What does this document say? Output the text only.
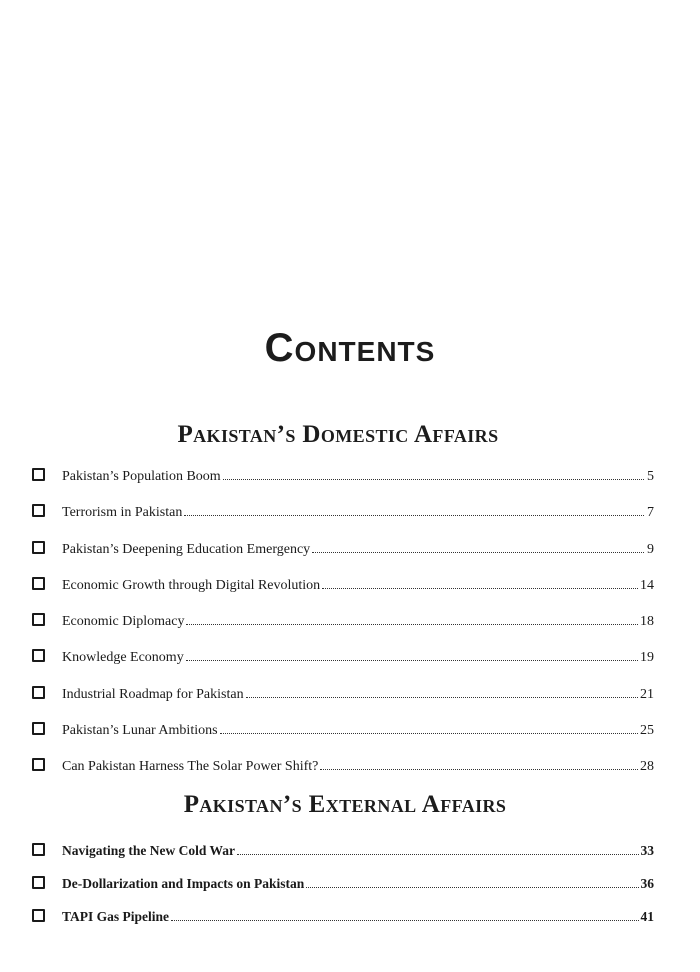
Contents
Pakistan’s Domestic Affairs
Pakistan’s Population Boom	5
Terrorism in Pakistan	7
Pakistan’s Deepening Education Emergency	9
Economic Growth through Digital Revolution	14
Economic Diplomacy	18
Knowledge Economy	19
Industrial Roadmap for Pakistan	21
Pakistan’s Lunar Ambitions	25
Can Pakistan Harness The Solar Power Shift?	28
Pakistan’s External Affairs
Navigating the New Cold War	33
De-Dollarization and Impacts on Pakistan	36
TAPI Gas Pipeline	41
